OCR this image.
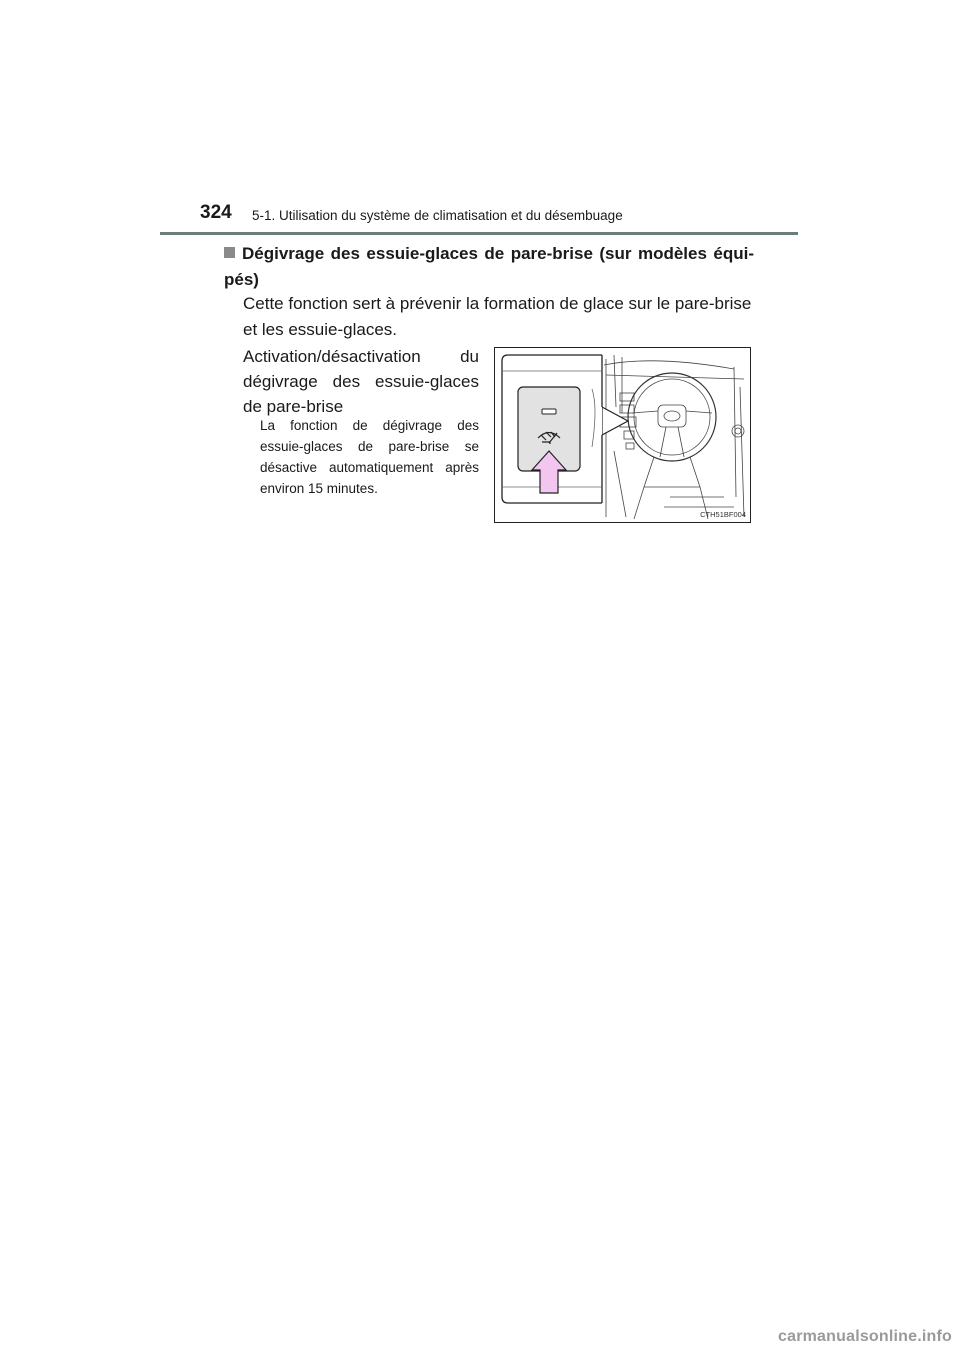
324 5-1. Utilisation du système de climatisation et du désembuage
Dégivrage des essuie-glaces de pare-brise (sur modèles équi-pés)
Cette fonction sert à prévenir la formation de glace sur le pare-brise et les essuie-glaces.
Activation/désactivation du dégivrage des essuie-glaces de pare-brise
La fonction de dégivrage des essuie-glaces de pare-brise se désactive automatiquement après environ 15 minutes.
CTH51BF004
carmanualsonline.info
